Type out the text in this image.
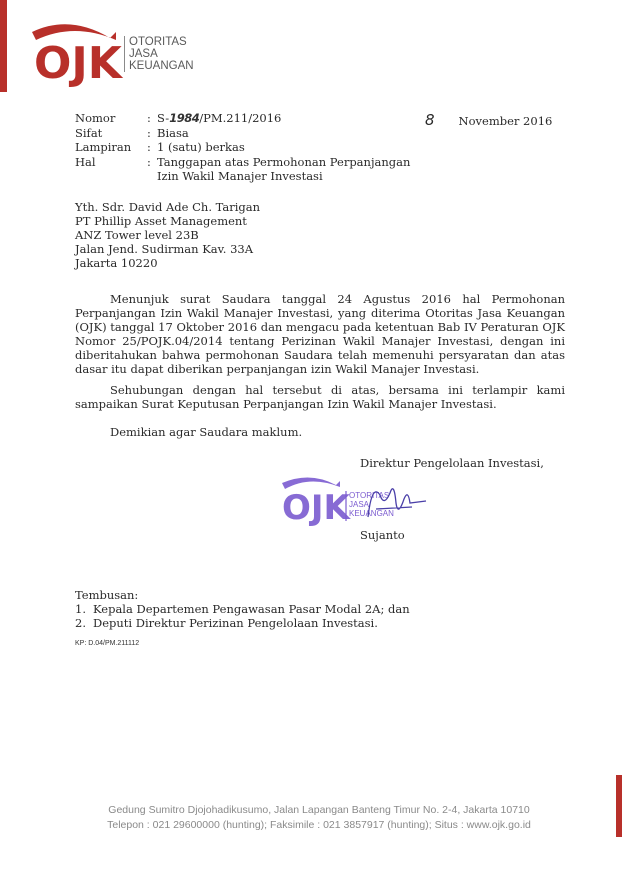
OJK OTORITAS
JASA
KEUANGAN
Nomor	: S-1984/PM.211/2016
Sifat	: Biasa
Lampiran	: 1 (satu) berkas
Hal	: Tanggapan atas Permohonan Perpanjangan
Izin Wakil Manajer Investasi
8 November 2016
Yth. Sdr. David Ade Ch. Tarigan
PT Phillip Asset Management
ANZ Tower level 23B
Jalan Jend. Sudirman Kav. 33A
Jakarta 10220

Menunjuk surat Saudara tanggal 24 Agustus 2016 hal Permohonan Perpanjangan Izin Wakil Manajer Investasi, yang diterima Otoritas Jasa Keuangan (OJK) tanggal 17 Oktober 2016 dan mengacu pada ketentuan Bab IV Peraturan OJK Nomor 25/POJK.04/2014 tentang Perizinan Wakil Manajer Investasi, dengan ini diberitahukan bahwa permohonan Saudara telah memenuhi persyaratan dan atas dasar itu dapat diberikan perpanjangan izin Wakil Manajer Investasi.

Sehubungan dengan hal tersebut di atas, bersama ini terlampir kami sampaikan Surat Keputusan Perpanjangan Izin Wakil Manajer Investasi.

Demikian agar Saudara maklum.

Direktur Pengelolaan Investasi,
OJK OTORITAS
JASA
KEUANGAN
Sujanto
Tembusan:
1. Kepala Departemen Pengawasan Pasar Modal 2A; dan
2. Deputi Direktur Perizinan Pengelolaan Investasi.
KP: D.04/PM.211112
Gedung Sumitro Djojohadikusumo, Jalan Lapangan Banteng Timur No. 2-4, Jakarta 10710
Telepon : 021 29600000 (hunting); Faksimile : 021 3857917 (hunting); Situs : www.ojk.go.id
